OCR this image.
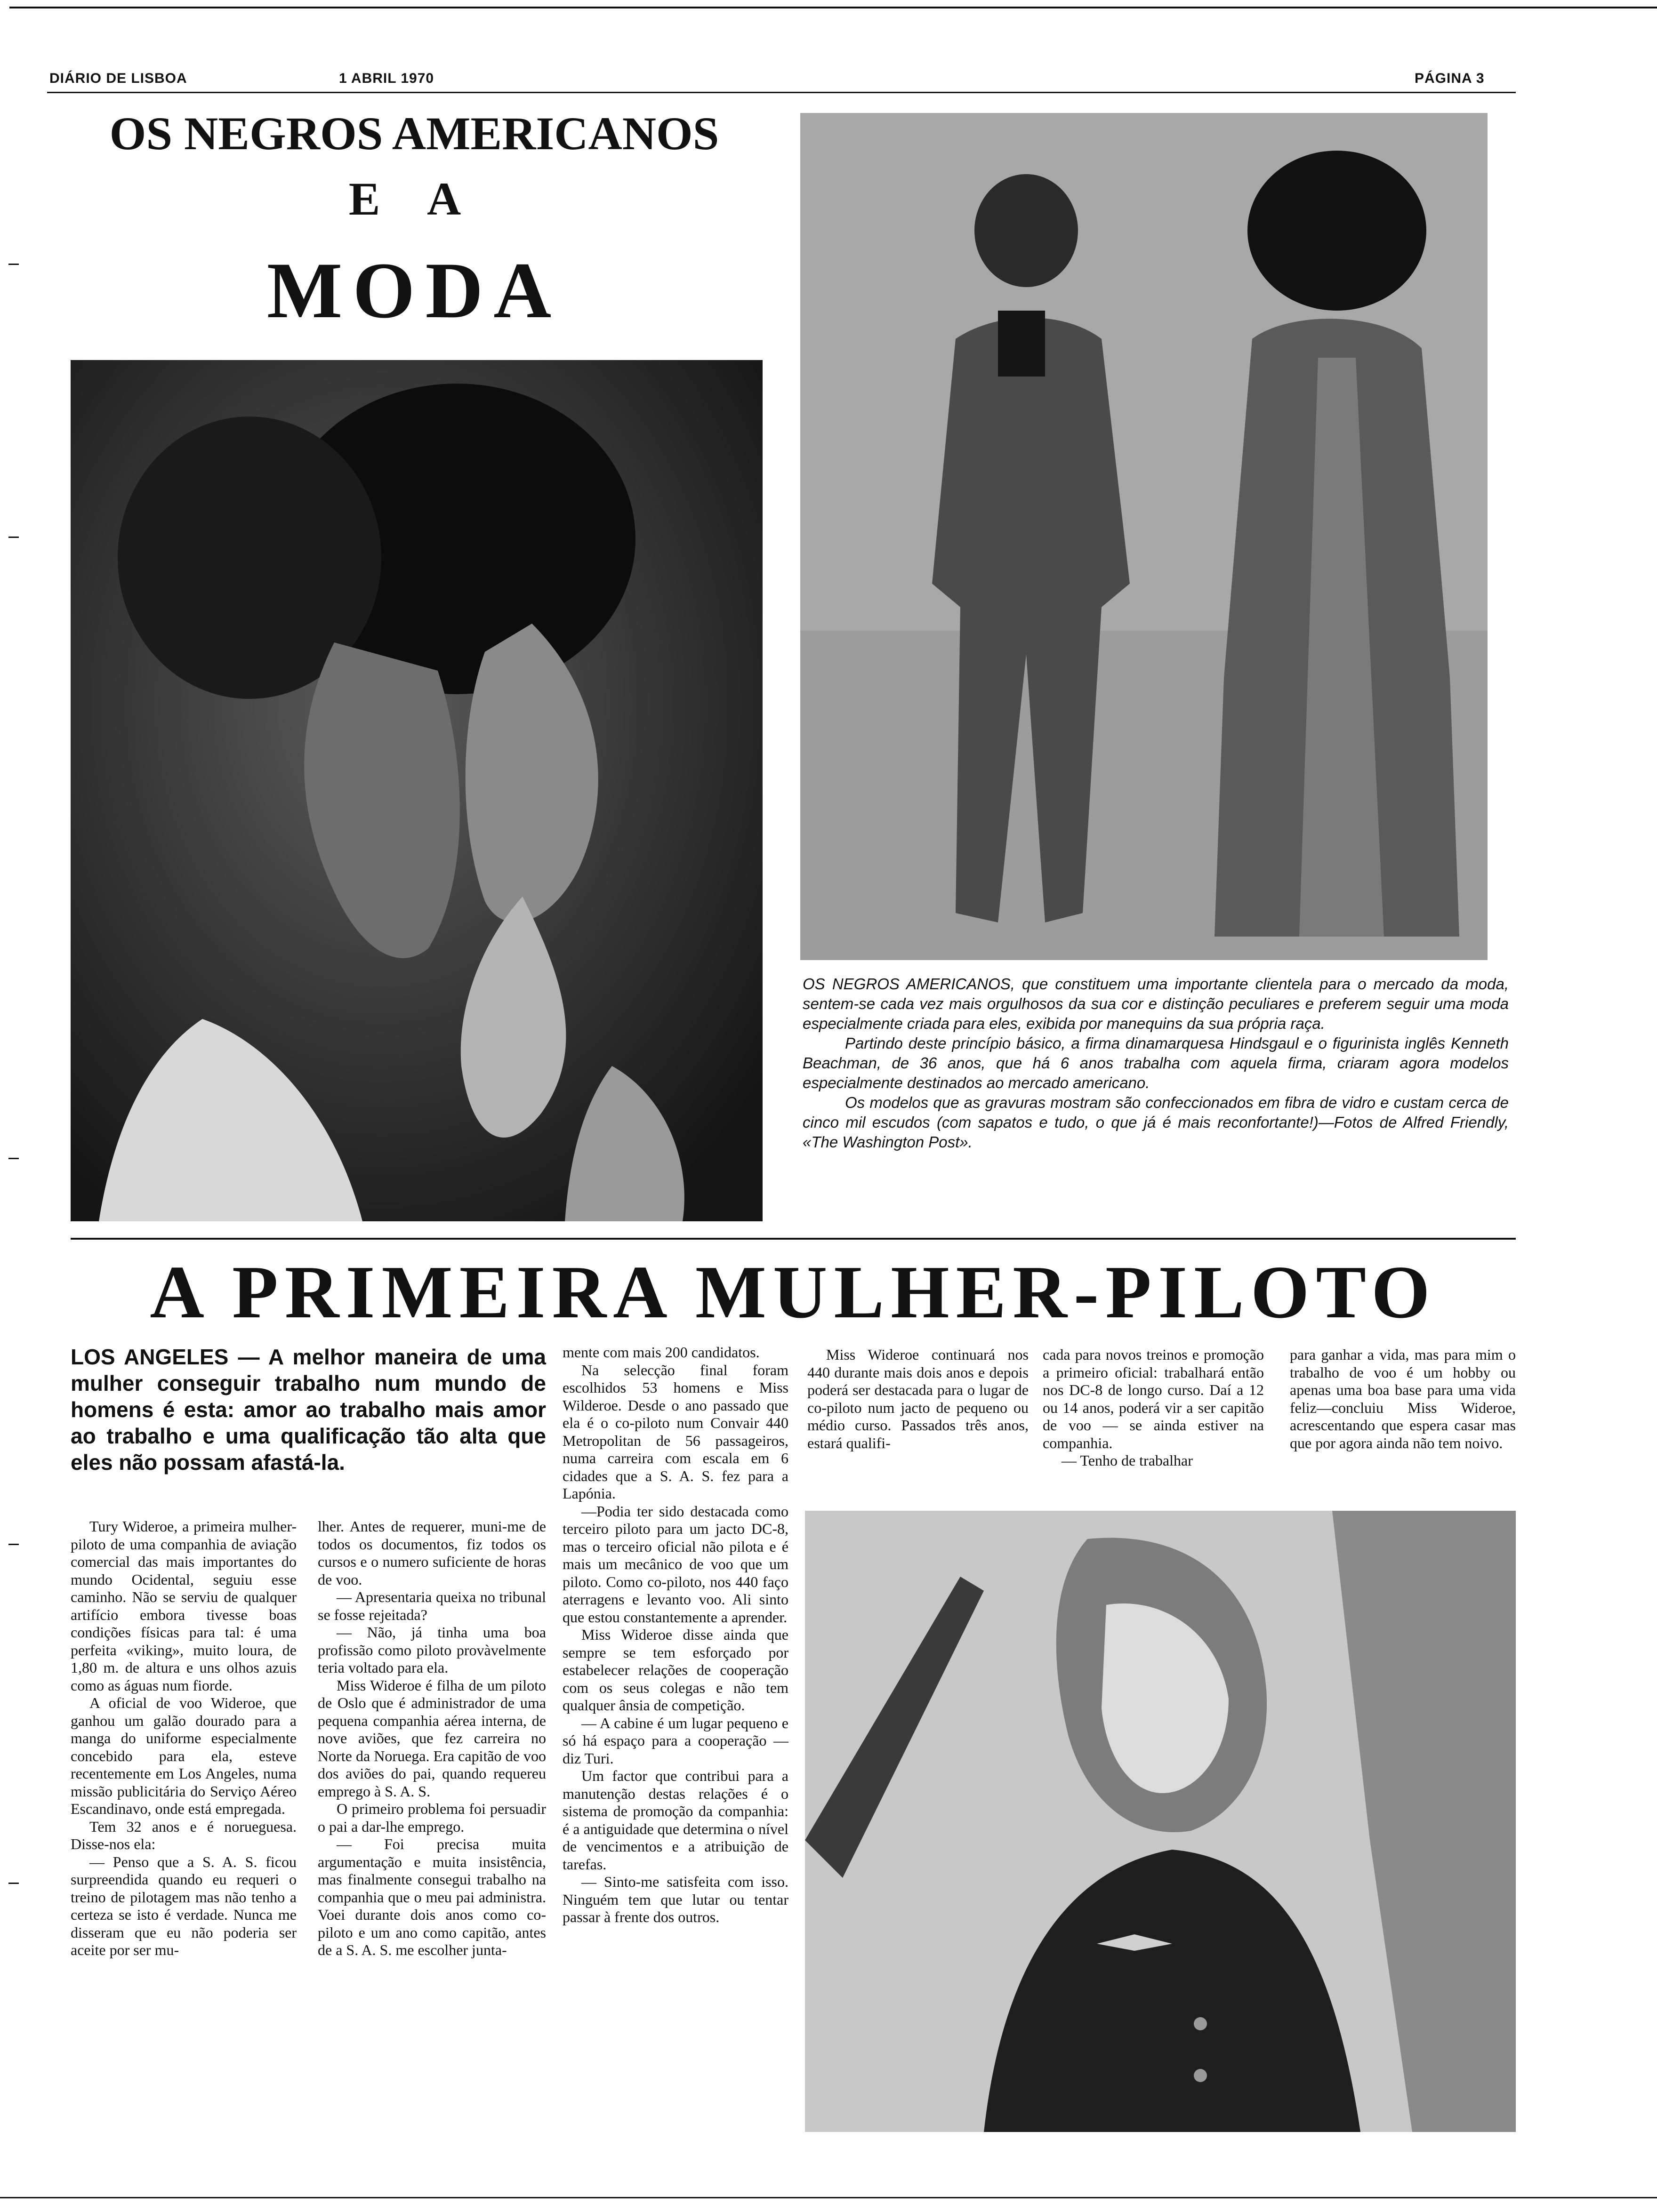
DIÁRIO DE LISBOA	1 ABRIL 1970	PÁGINA 3
OS NEGROS AMERICANOS
E A
MODA

OS NEGROS AMERICANOS, que constituem uma importante clientela para o mercado da moda, sentem-se cada vez mais orgulhosos da sua cor e distinção peculiares e preferem seguir uma moda especialmente criada para eles, exibida por manequins da sua própria raça.

Partindo deste princípio básico, a firma dinamarquesa Hindsgaul e o figurinista inglês Kenneth Beachman, de 36 anos, que há 6 anos trabalha com aquela firma, criaram agora modelos especialmente destinados ao mercado americano.

Os modelos que as gravuras mostram são confeccionados em fibra de vidro e custam cerca de cinco mil escudos (com sapatos e tudo, o que já é mais reconfortante!)—Fotos de Alfred Friendly, «The Washington Post».

A PRIMEIRA MULHER-PILOTO
LOS ANGELES — A melhor maneira de uma mulher conseguir trabalho num mundo de homens é esta: amor ao trabalho mais amor ao trabalho e uma qualificação tão alta que eles não possam afastá-la.

Tury Wideroe, a primeira mulher-piloto de uma companhia de aviação comercial das mais importantes do mundo Ocidental, seguiu esse caminho. Não se serviu de qualquer artifício embora tivesse boas condições físicas para tal: é uma perfeita «viking», muito loura, de 1,80 m. de altura e uns olhos azuis como as águas num fiorde.

A oficial de voo Wideroe, que ganhou um galão dourado para a manga do uniforme especialmente concebido para ela, esteve recentemente em Los Angeles, numa missão publicitária do Serviço Aéreo Escandinavo, onde está empregada.

Tem 32 anos e é norueguesa. Disse-nos ela:

— Penso que a S. A. S. ficou surpreendida quando eu requeri o treino de pilotagem mas não tenho a certeza se isto é verdade. Nunca me disseram que eu não poderia ser aceite por ser mu-

lher. Antes de requerer, muni-me de todos os documentos, fiz todos os cursos e o numero suficiente de horas de voo.

— Apresentaria queixa no tribunal se fosse rejeitada?

— Não, já tinha uma boa profissão como piloto provàvelmente teria voltado para ela.

Miss Wideroe é filha de um piloto de Oslo que é administrador de uma pequena companhia aérea interna, de nove aviões, que fez carreira no Norte da Noruega. Era capitão de voo dos aviões do pai, quando requereu emprego à S. A. S.

O primeiro problema foi persuadir o pai a dar-lhe emprego.

— Foi precisa muita argumentação e muita insistência, mas finalmente consegui trabalho na companhia que o meu pai administra. Voei durante dois anos como co-piloto e um ano como capitão, antes de a S. A. S. me escolher junta-

mente com mais 200 candidatos.

Na selecção final foram escolhidos 53 homens e Miss Wilderoe. Desde o ano passado que ela é o co-piloto num Convair 440 Metropolitan de 56 passageiros, numa carreira com escala em 6 cidades que a S. A. S. fez para a Lapónia.

—Podia ter sido destacada como terceiro piloto para um jacto DC-8, mas o terceiro oficial não pilota e é mais um mecânico de voo que um piloto. Como co-piloto, nos 440 faço aterragens e levanto voo. Ali sinto que estou constantemente a aprender.

Miss Wideroe disse ainda que sempre se tem esforçado por estabelecer relações de cooperação com os seus colegas e não tem qualquer ânsia de competição.

— A cabine é um lugar pequeno e só há espaço para a cooperação — diz Turi.

Um factor que contribui para a manutenção destas relações é o sistema de promoção da companhia: é a antiguidade que determina o nível de vencimentos e a atribuição de tarefas.

— Sinto-me satisfeita com isso. Ninguém tem que lutar ou tentar passar à frente dos outros.

Miss Wideroe continuará nos 440 durante mais dois anos e depois poderá ser destacada para o lugar de co-piloto num jacto de pequeno ou médio curso. Passados três anos, estará qualifi-

cada para novos treinos e promoção a primeiro oficial: trabalhará então nos DC-8 de longo curso. Daí a 12 ou 14 anos, poderá vir a ser capitão de voo — se ainda estiver na companhia.

— Tenho de trabalhar

para ganhar a vida, mas para mim o trabalho de voo é um hobby ou apenas uma boa base para uma vida feliz—concluiu Miss Wideroe, acrescentando que espera casar mas que por agora ainda não tem noivo.
